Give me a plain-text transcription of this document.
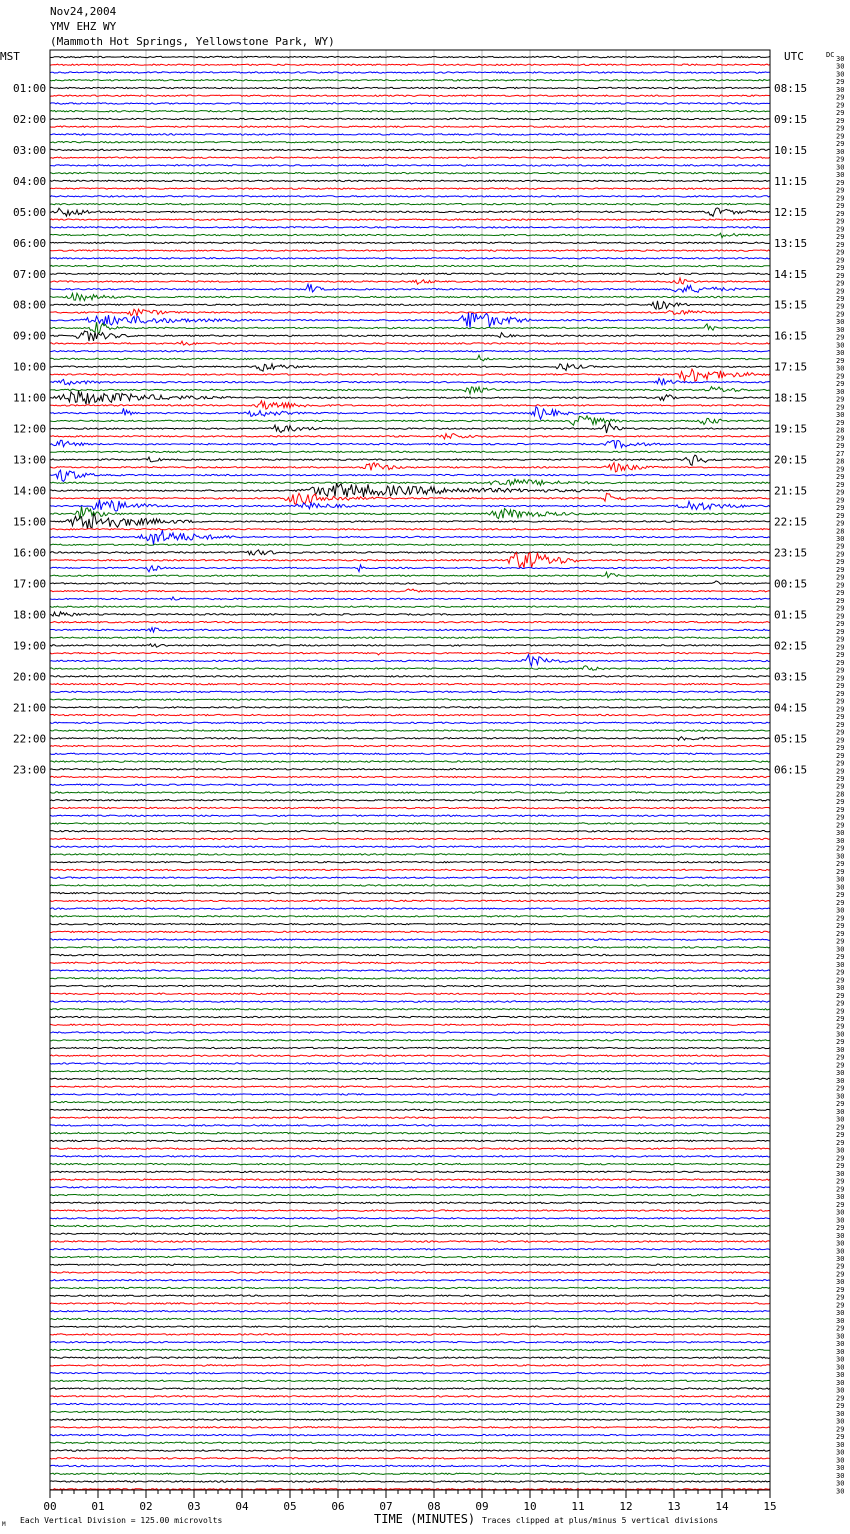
01:00
02:00
03:00
04:00
05:00
06:00
07:00
08:00
09:00
10:00
11:00
12:00
13:00
14:00
15:00
16:00
17:00
18:00
19:00
20:00
21:00
22:00
23:00
08:15
09:15
10:15
11:15
12:15
13:15
14:15
15:15
16:15
17:15
18:15
19:15
20:15
21:15
22:15
23:15
00:15
01:15
02:15
03:15
04:15
05:15
06:15
30
30
30
29
30
29
29
29
29
29
29
29
30
29
30
30
29
29
29
29
29
29
29
29
29
29
29
29
29
29
29
29
29
29
30
30
29
30
30
29
30
29
29
30
29
29
30
29
28
29
29
27
28
29
29
29
29
29
29
29
29
28
30
29
29
29
29
29
29
29
29
29
29
29
29
29
29
29
29
29
29
29
29
29
29
29
29
29
29
29
29
29
29
29
29
28
29
29
29
29
30
30
29
30
29
29
30
30
29
29
30
29
29
29
29
30
29
30
29
29
30
29
29
29
29
29
30
29
30
29
29
30
30
29
30
29
30
30
29
29
29
30
29
29
30
29
29
30
29
30
30
29
30
30
30
30
29
29
30
29
29
29
30
30
29
30
30
30
30
30
30
30
30
29
29
30
30
29
29
30
30
30
30
30
30
30
00	01	02	03	04	05	06	07	08	09	10	11	12	13	14	15
MST	UTC	DC
TIME (MINUTES)
Each Vertical Division = 125.00 microvolts	Traces clipped at plus/minus 5 vertical divisions
M
Nov24,2004
YMV EHZ WY
(Mammoth Hot Springs, Yellowstone Park, WY)
